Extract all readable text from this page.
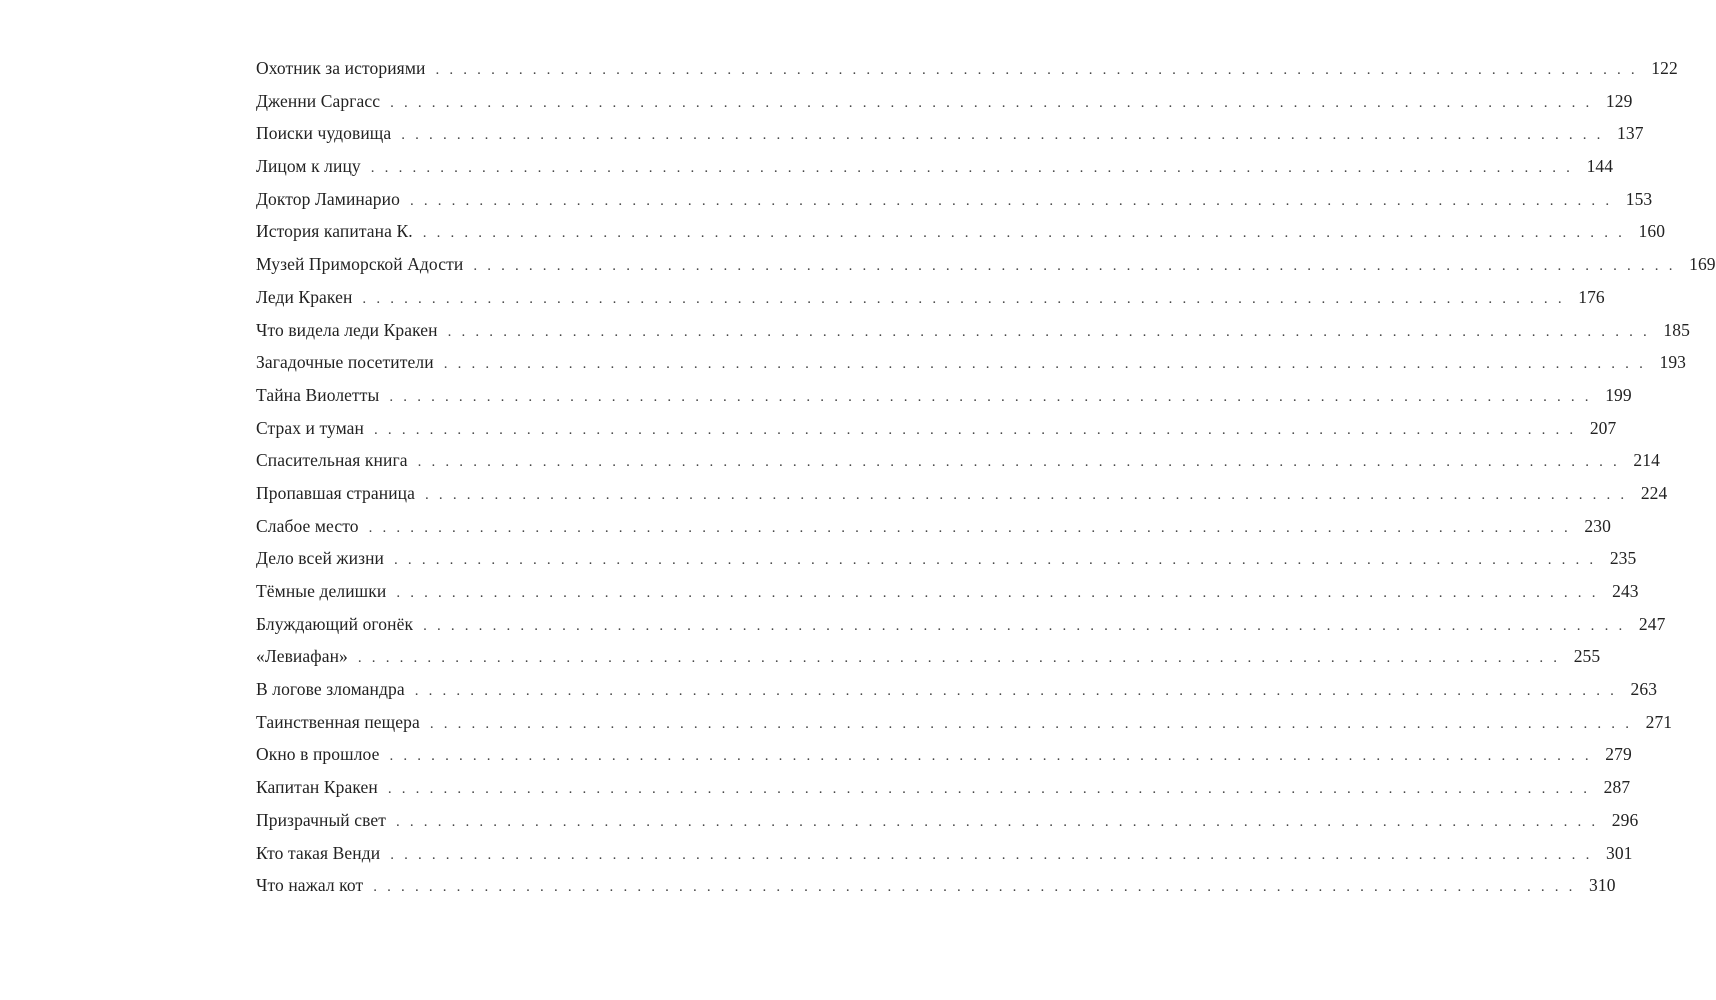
Охотник за историями . . . . . . . . . . . . . . . . . . . . . . . . . . . . . . . . . . . . . . . . . . . . . . . . . . . . . . . . . . . . . . . . . . . . . . . . . . . . . . . . . . . . . . . 122
Дженни Саргасс . . . . . . . . . . . . . . . . . . . . . . . . . . . . . . . . . . . . . . . . . . . . . . . . . . . . . . . . . . . . . . . . . . . . . . . . . . . . . . . . . . . . . . . 129
Поиски чудовища . . . . . . . . . . . . . . . . . . . . . . . . . . . . . . . . . . . . . . . . . . . . . . . . . . . . . . . . . . . . . . . . . . . . . . . . . . . . . . . . . . . . . . . 137
Лицом к лицу . . . . . . . . . . . . . . . . . . . . . . . . . . . . . . . . . . . . . . . . . . . . . . . . . . . . . . . . . . . . . . . . . . . . . . . . . . . . . . . . . . . . . . . 144
Доктор Ламинарио . . . . . . . . . . . . . . . . . . . . . . . . . . . . . . . . . . . . . . . . . . . . . . . . . . . . . . . . . . . . . . . . . . . . . . . . . . . . . . . . . . . . . . . 153
История капитана К. . . . . . . . . . . . . . . . . . . . . . . . . . . . . . . . . . . . . . . . . . . . . . . . . . . . . . . . . . . . . . . . . . . . . . . . . . . . . . . . . . . . . . . . 160
Музей Приморской Адости . . . . . . . . . . . . . . . . . . . . . . . . . . . . . . . . . . . . . . . . . . . . . . . . . . . . . . . . . . . . . . . . . . . . . . . . . . . . . . . . . . . . . . . 169
Леди Кракен . . . . . . . . . . . . . . . . . . . . . . . . . . . . . . . . . . . . . . . . . . . . . . . . . . . . . . . . . . . . . . . . . . . . . . . . . . . . . . . . . . . . . . . 176
Что видела леди Кракен . . . . . . . . . . . . . . . . . . . . . . . . . . . . . . . . . . . . . . . . . . . . . . . . . . . . . . . . . . . . . . . . . . . . . . . . . . . . . . . . . . . . . . . 185
Загадочные посетители . . . . . . . . . . . . . . . . . . . . . . . . . . . . . . . . . . . . . . . . . . . . . . . . . . . . . . . . . . . . . . . . . . . . . . . . . . . . . . . . . . . . . . . 193
Тайна Виолетты . . . . . . . . . . . . . . . . . . . . . . . . . . . . . . . . . . . . . . . . . . . . . . . . . . . . . . . . . . . . . . . . . . . . . . . . . . . . . . . . . . . . . . . 199
Страх и туман . . . . . . . . . . . . . . . . . . . . . . . . . . . . . . . . . . . . . . . . . . . . . . . . . . . . . . . . . . . . . . . . . . . . . . . . . . . . . . . . . . . . . . . 207
Спасительная книга . . . . . . . . . . . . . . . . . . . . . . . . . . . . . . . . . . . . . . . . . . . . . . . . . . . . . . . . . . . . . . . . . . . . . . . . . . . . . . . . . . . . . . . 214
Пропавшая страница . . . . . . . . . . . . . . . . . . . . . . . . . . . . . . . . . . . . . . . . . . . . . . . . . . . . . . . . . . . . . . . . . . . . . . . . . . . . . . . . . . . . . . . 224
Слабое место . . . . . . . . . . . . . . . . . . . . . . . . . . . . . . . . . . . . . . . . . . . . . . . . . . . . . . . . . . . . . . . . . . . . . . . . . . . . . . . . . . . . . . . 230
Дело всей жизни . . . . . . . . . . . . . . . . . . . . . . . . . . . . . . . . . . . . . . . . . . . . . . . . . . . . . . . . . . . . . . . . . . . . . . . . . . . . . . . . . . . . . . . 235
Тёмные делишки . . . . . . . . . . . . . . . . . . . . . . . . . . . . . . . . . . . . . . . . . . . . . . . . . . . . . . . . . . . . . . . . . . . . . . . . . . . . . . . . . . . . . . . 243
Блуждающий огонёк . . . . . . . . . . . . . . . . . . . . . . . . . . . . . . . . . . . . . . . . . . . . . . . . . . . . . . . . . . . . . . . . . . . . . . . . . . . . . . . . . . . . . . . 247
«Левиафан» . . . . . . . . . . . . . . . . . . . . . . . . . . . . . . . . . . . . . . . . . . . . . . . . . . . . . . . . . . . . . . . . . . . . . . . . . . . . . . . . . . . . . . . 255
В логове зломандра . . . . . . . . . . . . . . . . . . . . . . . . . . . . . . . . . . . . . . . . . . . . . . . . . . . . . . . . . . . . . . . . . . . . . . . . . . . . . . . . . . . . . . . 263
Таинственная пещера . . . . . . . . . . . . . . . . . . . . . . . . . . . . . . . . . . . . . . . . . . . . . . . . . . . . . . . . . . . . . . . . . . . . . . . . . . . . . . . . . . . . . . . 271
Окно в прошлое . . . . . . . . . . . . . . . . . . . . . . . . . . . . . . . . . . . . . . . . . . . . . . . . . . . . . . . . . . . . . . . . . . . . . . . . . . . . . . . . . . . . . . . 279
Капитан Кракен . . . . . . . . . . . . . . . . . . . . . . . . . . . . . . . . . . . . . . . . . . . . . . . . . . . . . . . . . . . . . . . . . . . . . . . . . . . . . . . . . . . . . . . 287
Призрачный свет . . . . . . . . . . . . . . . . . . . . . . . . . . . . . . . . . . . . . . . . . . . . . . . . . . . . . . . . . . . . . . . . . . . . . . . . . . . . . . . . . . . . . . . 296
Кто такая Венди . . . . . . . . . . . . . . . . . . . . . . . . . . . . . . . . . . . . . . . . . . . . . . . . . . . . . . . . . . . . . . . . . . . . . . . . . . . . . . . . . . . . . . . 301
Что нажал кот . . . . . . . . . . . . . . . . . . . . . . . . . . . . . . . . . . . . . . . . . . . . . . . . . . . . . . . . . . . . . . . . . . . . . . . . . . . . . . . . . . . . . . . 310
